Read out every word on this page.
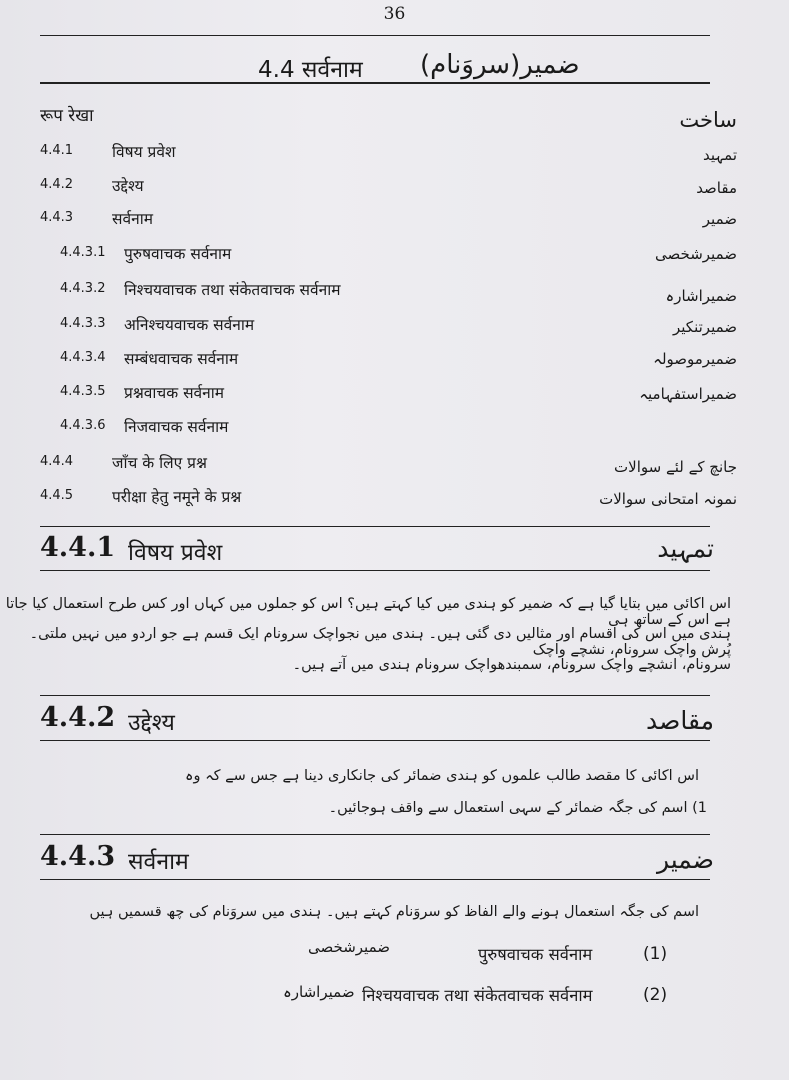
36
4.4 सर्वनाम ضمیر(سروَنام)
रूप रेखा	ساخت
4.4.1	विषय प्रवेश	تمہید
4.4.2	उद्देश्य	مقاصد
4.4.3	सर्वनाम	ضمیر
4.4.3.1 पुरुषवाचक सर्वनाम	ضمیرشخصی
4.4.3.2 निश्चयवाचक तथा संकेतवाचक सर्वनाम	ضمیراشارہ
4.4.3.3 अनिश्चयवाचक सर्वनाम	ضمیرتنکیر
4.4.3.4 सम्बंधवाचक सर्वनाम	ضمیرموصولہ
4.4.3.5 प्रश्नवाचक सर्वनाम	ضمیراستفہامیہ
4.4.3.6 निजवाचक सर्वनाम
4.4.4	जाँच के लिए प्रश्न	جانچ کے لئے سوالات
4.4.5	परीक्षा हेतु नमूने के प्रश्न	نمونہ امتحانی سوالات
4.4.1 विषय प्रवेश	تمہید
اس اکائی میں بتایا گیا ہے کہ ضمیر کو ہندی میں کیا کہتے ہیں؟ اس کو جملوں میں کہاں اور کس طرح استعمال کیا جاتا ہے اس کے ساتھ ہی
ہندی میں اس کی اقسام اور مثالیں دی گئی ہیں۔ ہندی میں نجواچک سرونام ایک قسم ہے جو اردو میں نہیں ملتی۔ پُرش واچک سرونام، نشچے واچک
سرونام، انشچے واچک سرونام، سمبندھواچک سرونام ہندی میں آتے ہیں۔
4.4.2 उद्देश्य	مقاصد
اس اکائی کا مقصد طالب علموں کو ہندی ضمائر کی جانکاری دینا ہے جس سے کہ وہ
1) اسم کی جگہ ضمائر کے سہی استعمال سے واقف ہوجائیں۔
4.4.3 सर्वनाम	ضمیر
اسم کی جگہ استعمال ہونے والے الفاظ کو سروَنام کہتے ہیں۔ ہندی میں سروَنام کی چھ قسمیں ہیں
(1)
पुरुषवाचक सर्वनाम
ضمیرشخصی
(2)
निश्चयवाचक तथा संकेतवाचक सर्वनाम
ضمیراشارہ
